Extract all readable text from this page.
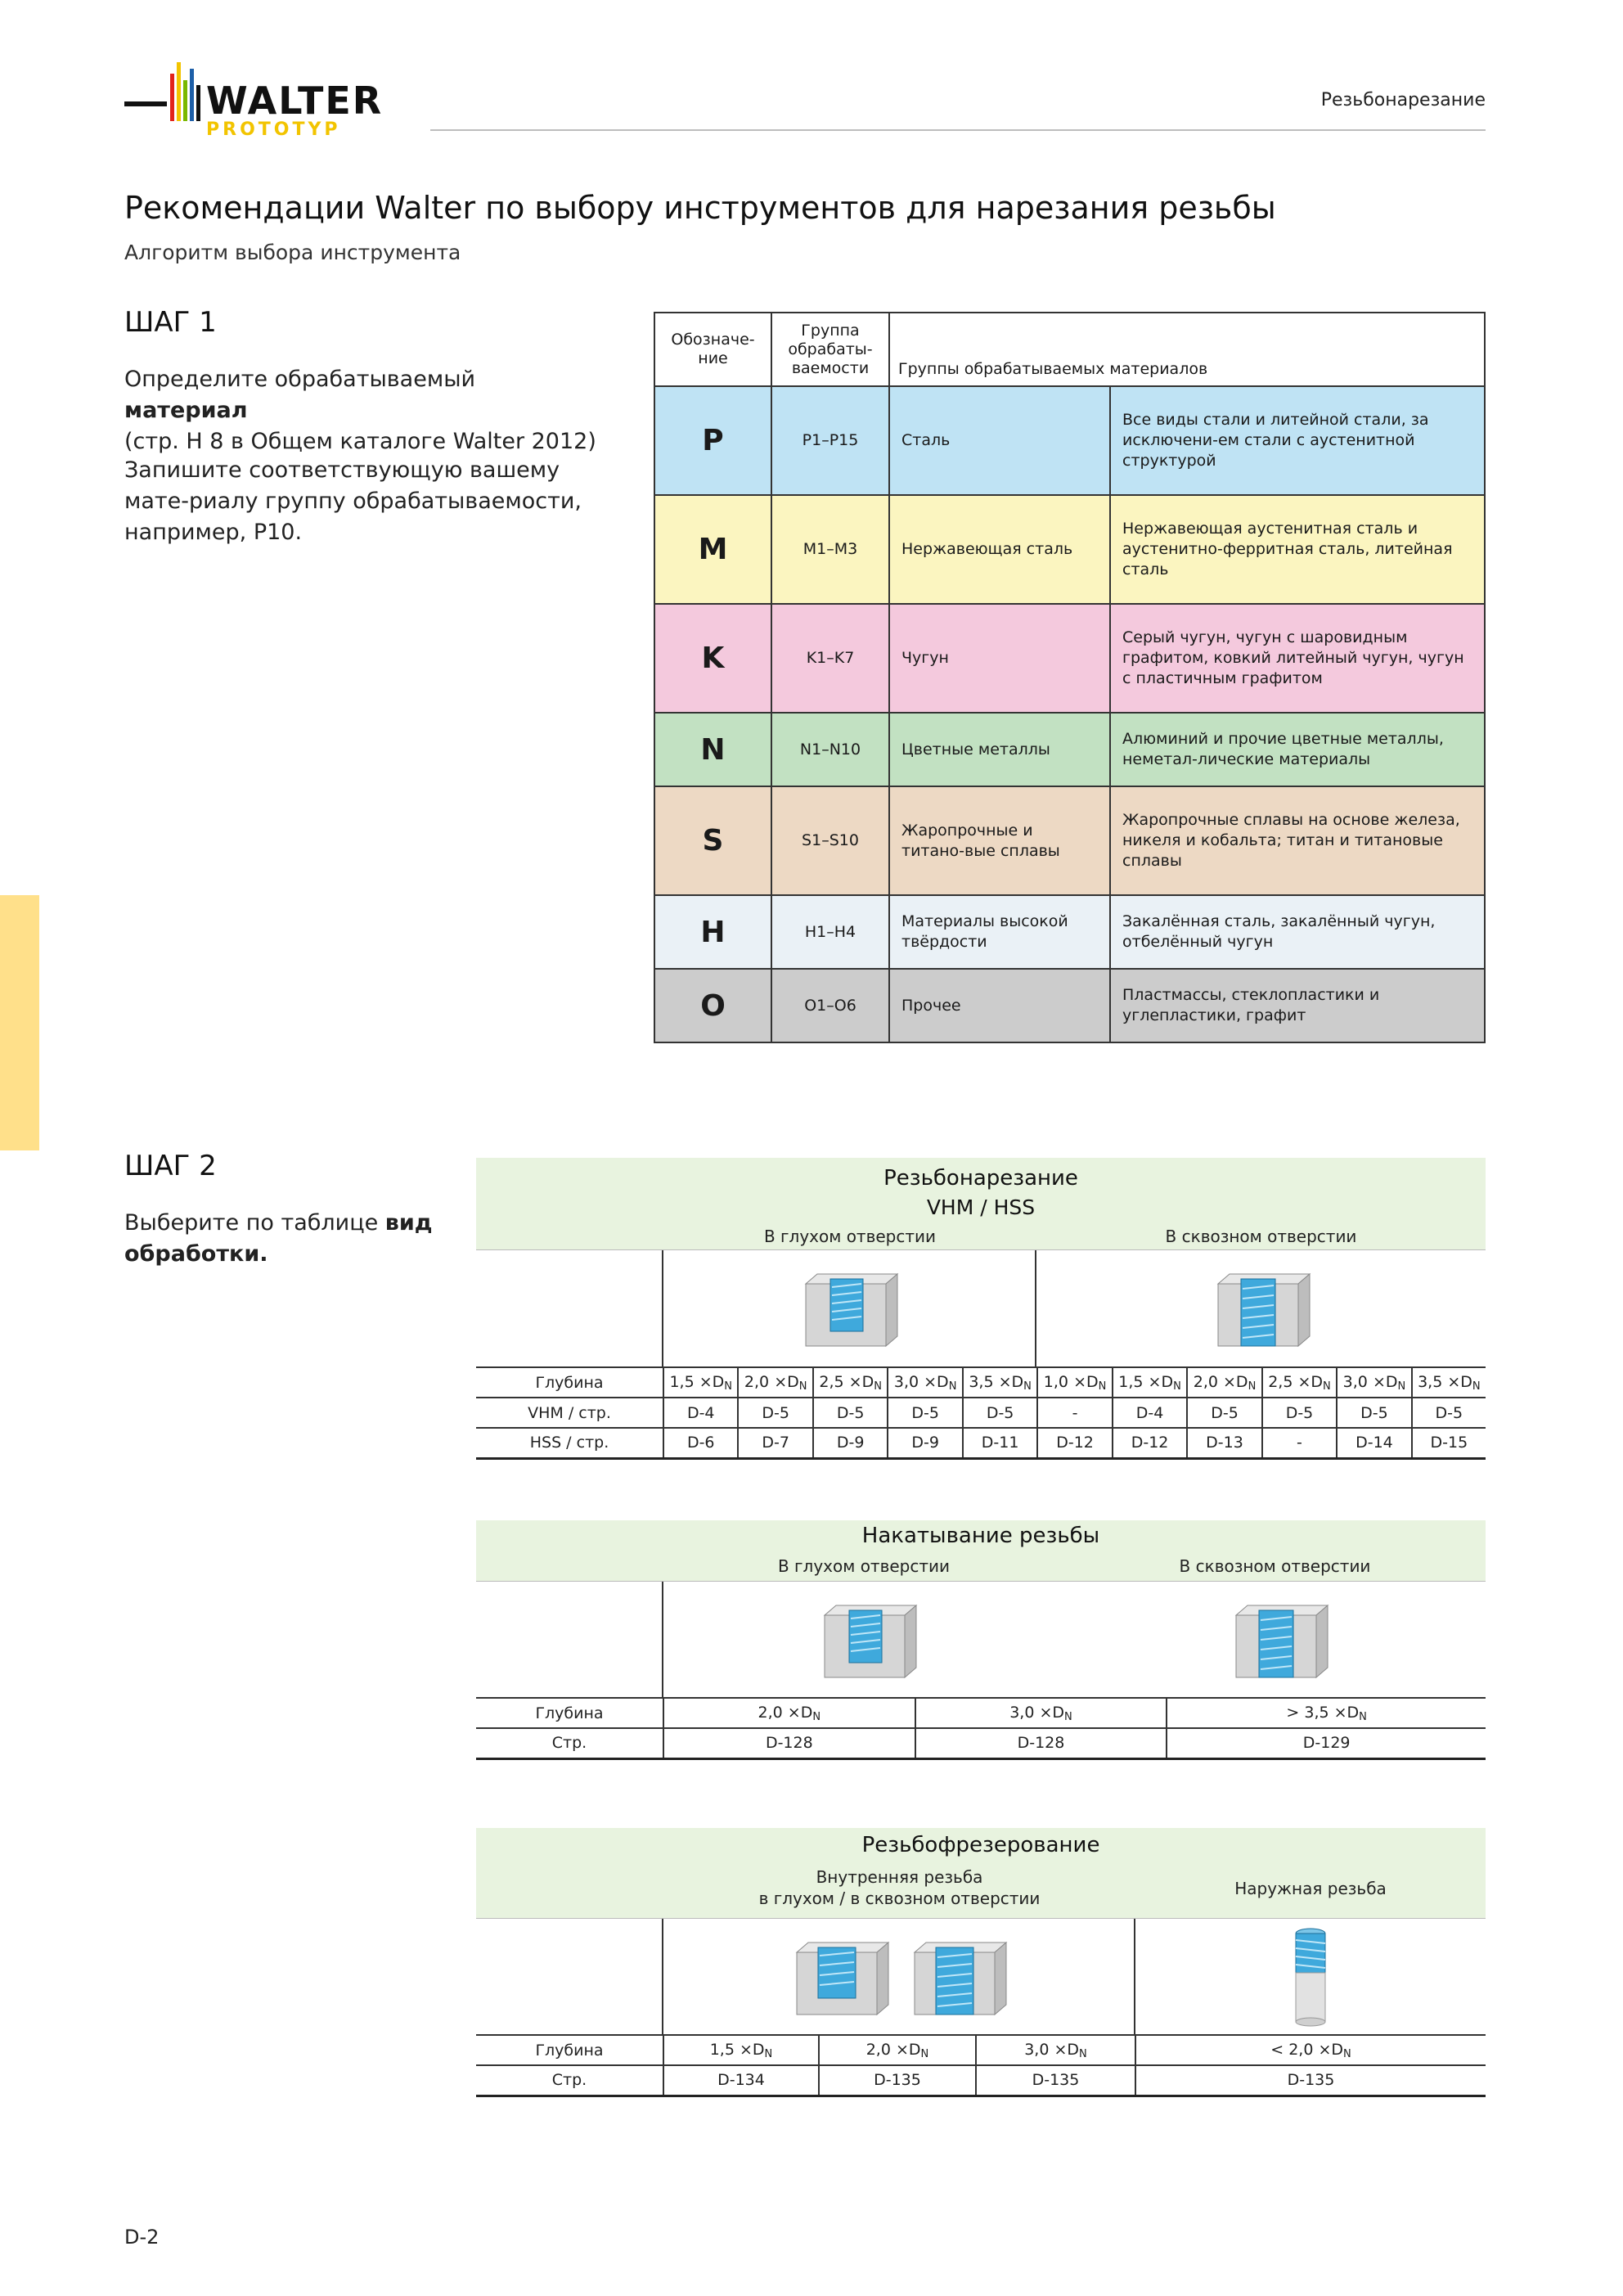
WALTER
PROTOTYP
Резьбонарезание
Рекомендации Walter по выбору инструментов для нарезания резьбы
Алгоритм выбора инструмента
ШАГ 1
Определите обрабатываемый материал
(стр. H 8 в Общем каталоге Walter 2012)
Запишите соответствующую вашему мате-риалу группу обрабатываемости, например, P10.
Обозначе-ние	Группа обрабаты-ваемости	Группы обрабатываемых материалов	
P	P1–P15	Сталь	Все виды стали и литейной стали, за исключени-ем стали с аустенитной структурой
M	M1–M3	Нержавеющая сталь	Нержавеющая аустенитная сталь и аустенитно-ферритная сталь, литейная сталь
K	K1–K7	Чугун	Серый чугун, чугун с шаровидным графитом, ковкий литейный чугун, чугун с пластичным графитом
N	N1–N10	Цветные металлы	Алюминий и прочие цветные металлы, неметал-лические материалы
S	S1–S10	Жаропрочные и титано-вые сплавы	Жаропрочные сплавы на основе железа, никеля и кобальта; титан и титановые сплавы
H	H1–H4	Материалы высокой твёрдости	Закалённая сталь, закалённый чугун, отбелённый чугун
O	O1–O6	Прочее	Пластмассы, стеклопластики и углепластики, графит
ШАГ 2
Выберите по таблице вид обработки.
Резьбонарезание
VHM / HSS
В глухом отверстии	В сквозном отверстии
Глубина	$1,5 \times D_N$	$2,0 \times D_N$	$2,5 \times D_N$	$3,0 \times D_N$	$3,5 \times D_N$	$1,0 \times D_N$	$1,5 \times D_N$	$2,0 \times D_N$	$2,5 \times D_N$	$3,0 \times D_N$	$3,5 \times D_N$
VHM / стр.	D-4	D-5	D-5	D-5	D-5	-	D-4	D-5	D-5	D-5	D-5
HSS / стр.	D-6	D-7	D-9	D-9	D-11	D-12	D-12	D-13	-	D-14	D-15
Накатывание резьбы
В глухом отверстии	В сквозном отверстии
Глубина	$2,0 \times D_N$	$3,0 \times D_N$	> $3,5 \times D_N$
Стр.	D-128	D-128	D-129
Резьбофрезерование
Внутренняя резьба
в глухом / в сквозном отверстии	Наружная резьба
Глубина	$1,5 \times D_N$	$2,0 \times D_N$	$3,0 \times D_N$	< $2,0 \times D_N$
Стр.	D-134	D-135	D-135	D-135
D-2
